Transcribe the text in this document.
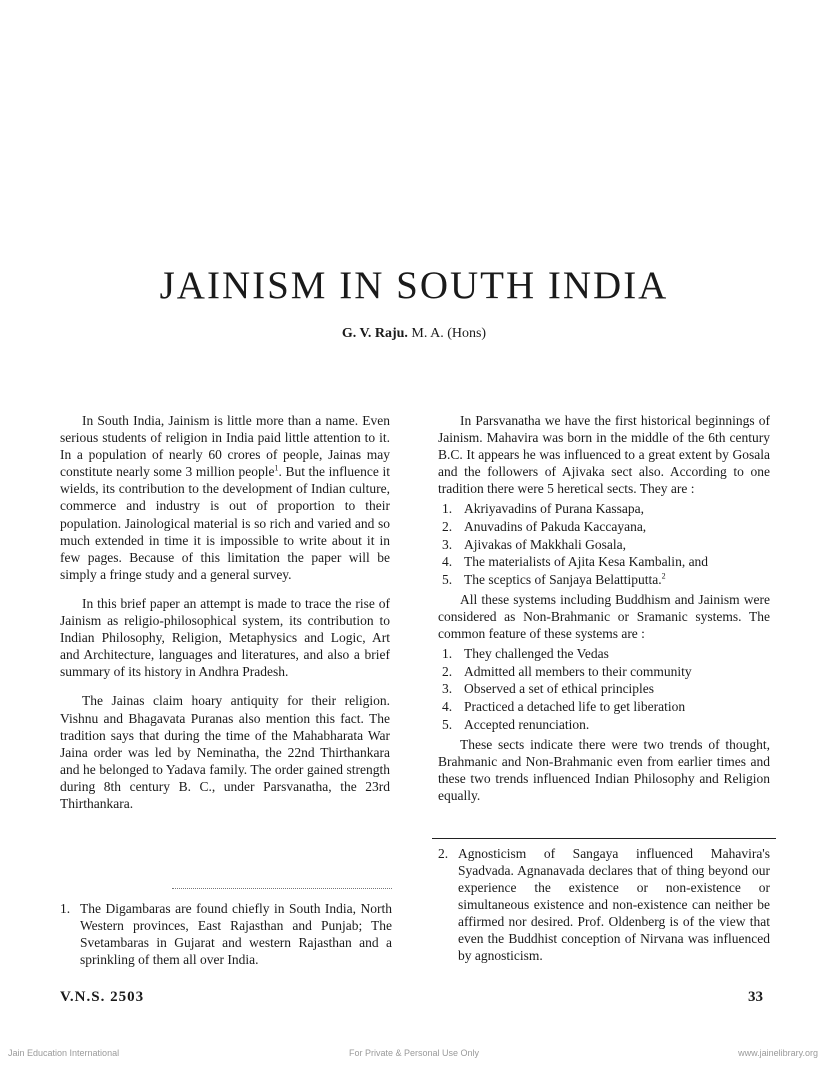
JAINISM IN SOUTH INDIA
G. V. Raju. M. A. (Hons)

In South India, Jainism is little more than a name. Even serious students of religion in India paid little attention to it. In a population of nearly 60 crores of people, Jainas may constitute nearly some 3 million people$^1$. But the influence it wields, its contribution to the development of Indian culture, commerce and industry is out of proportion to their population. Jainological material is so rich and varied and so much extended in time it is impossible to write about it in few pages. Because of this limitation the paper will be simply a fringe study and a general survey.

In this brief paper an attempt is made to trace the rise of Jainism as religio-philosophical system, its contribution to Indian Philosophy, Religion, Metaphysics and Logic, Art and Architecture, languages and literatures, and also a brief summary of its history in Andhra Pradesh.

The Jainas claim hoary antiquity for their religion. Vishnu and Bhagavata Puranas also mention this fact. The tradition says that during the time of the Mahabharata War Jaina order was led by Neminatha, the 22nd Thirthankara and he belonged to Yadava family. The order gained strength during 8th century B. C., under Parsvanatha, the 23rd Thirthankara.

In Parsvanatha we have the first historical beginnings of Jainism. Mahavira was born in the middle of the 6th century B.C. It appears he was influenced to a great extent by Gosala and the followers of Ajivaka sect also. According to one tradition there were 5 heretical sects. They are :

1. Akriyavadins of Purana Kassapa,
2. Anuvadins of Pakuda Kaccayana,
3. Ajivakas of Makkhali Gosala,
4. The materialists of Ajita Kesa Kambalin, and
5. The sceptics of Sanjaya Belattiputta.$^2$

All these systems including Buddhism and Jainism were considered as Non-Brahmanic or Sramanic systems. The common feature of these systems are :

1. They challenged the Vedas
2. Admitted all members to their community
3. Observed a set of ethical principles
4. Practiced a detached life to get liberation
5. Accepted renunciation.

These sects indicate there were two trends of thought, Brahmanic and Non-Brahmanic even from earlier times and these two trends influenced Indian Philosophy and Religion equally.

1. The Digambaras are found chiefly in South India, North Western provinces, East Rajasthan and Punjab; The Svetambaras in Gujarat and western Rajasthan and a sprinkling of them all over India.
2. Agnosticism of Sangaya influenced Mahavira's Syadvada. Agnanavada declares that of thing beyond our experience the existence or non-existence or simultaneous existence and non-existence can neither be affirmed nor desired. Prof. Oldenberg is of the view that even the Buddhist conception of Nirvana was influenced by agnosticism.
V.N.S. 2503	33
Jain Education International	For Private & Personal Use Only	www.jainelibrary.org
